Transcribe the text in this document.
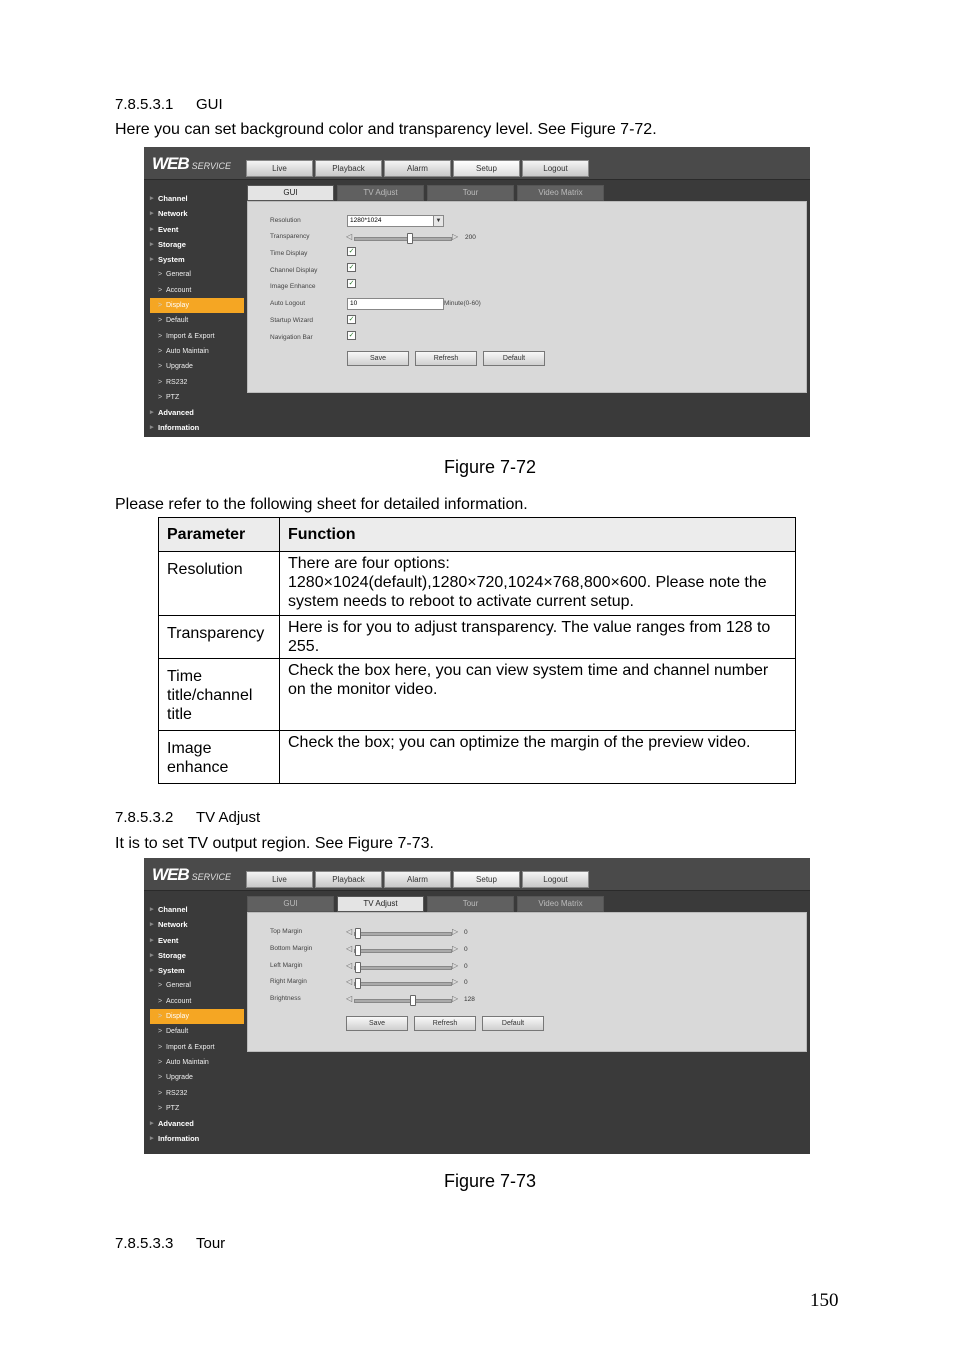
7.8.5.3.1 GUI
Here you can set background color and transparency level. See Figure 7-72.
WEB SERVICE	Live	Playback	Alarm	Setup	Logout
▸ Channel
▸ Network
▸ Event
▸ Storage
▸ System
> General
> Account
> Display
> Default
> Import & Export
> Auto Maintain
> Upgrade
> RS232
> PTZ
▸ Advanced
▸ Information
GUI	TV Adjust	Tour	Video Matrix
Resolution	1280*1024	▼
Transparency	◁	▷ 200
Time Display	✓
Channel Display	✓
Image Enhance	✓
Auto Logout	10	Minute(0-60)
Startup Wizard	✓
Navigation Bar	✓
Save	Refresh	Default
Figure 7-72
Please refer to the following sheet for detailed information.
Parameter	Function
Resolution	There are four options: 1280×1024(default),1280×720,1024×768,800×600. Please note the system needs to reboot to activate current setup.
Transparency	Here is for you to adjust transparency. The value ranges from 128 to 255.
Time title/channel title	Check the box here, you can view system time and channel number on the monitor video.
Image enhance	Check the box; you can optimize the margin of the preview video.
7.8.5.3.2 TV Adjust
It is to set TV output region. See Figure 7-73.
WEB SERVICE	Live	Playback	Alarm	Setup	Logout
▸ Channel
▸ Network
▸ Event
▸ Storage
▸ System
> General
> Account
> Display
> Default
> Import & Export
> Auto Maintain
> Upgrade
> RS232
> PTZ
▸ Advanced
▸ Information
GUI	TV Adjust	Tour	Video Matrix
Top Margin	◁	▷ 0
Bottom Margin	◁	▷ 0
Left Margin	◁	▷ 0
Right Margin	◁	▷ 0
Brightness	◁	▷ 128
Save	Refresh	Default
Figure 7-73
7.8.5.3.3 Tour
150
